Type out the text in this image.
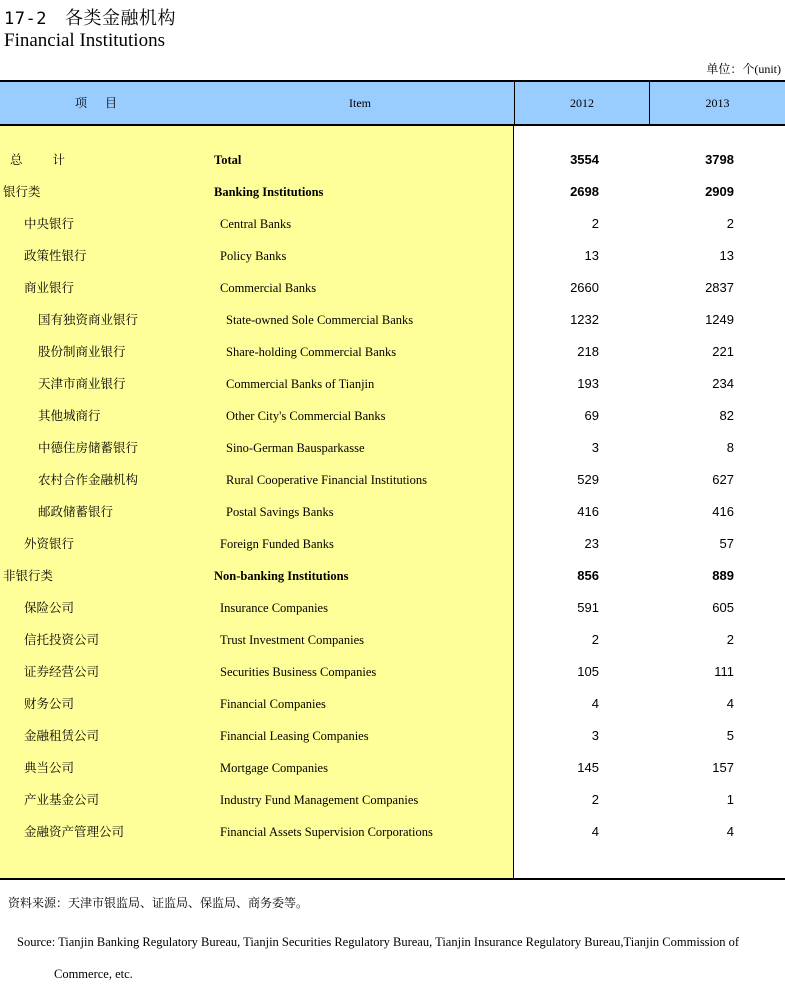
17-2 各类金融机构
Financial Institutions
单位：个(unit)
项目	Item	2012	2013
总计	Total	3554	3798
银行类	Banking Institutions	2698	2909
中央银行	Central Banks	2	2
政策性银行	Policy Banks	13	13
商业银行	Commercial Banks	2660	2837
国有独资商业银行	State-owned Sole Commercial Banks	1232	1249
股份制商业银行	Share-holding Commercial Banks	218	221
天津市商业银行	Commercial Banks of Tianjin	193	234
其他城商行	Other City's Commercial Banks	69	82
中德住房储蓄银行	Sino-German Bausparkasse	3	8
农村合作金融机构	Rural Cooperative Financial Institutions	529	627
邮政储蓄银行	Postal Savings Banks	416	416
外资银行	Foreign Funded Banks	23	57
非银行类	Non-banking Institutions	856	889
保险公司	Insurance Companies	591	605
信托投资公司	Trust Investment Companies	2	2
证券经营公司	Securities Business Companies	105	111
财务公司	Financial Companies	4	4
金融租赁公司	Financial Leasing Companies	3	5
典当公司	Mortgage Companies	145	157
产业基金公司	Industry Fund Management Companies	2	1
金融资产管理公司	Financial Assets Supervision Corporations	4	4
资料来源：天津市银监局、证监局、保监局、商务委等。
Source: Tianjin Banking Regulatory Bureau, Tianjin Securities Regulatory Bureau, Tianjin Insurance Regulatory Bureau,Tianjin Commission of
Commerce, etc.
